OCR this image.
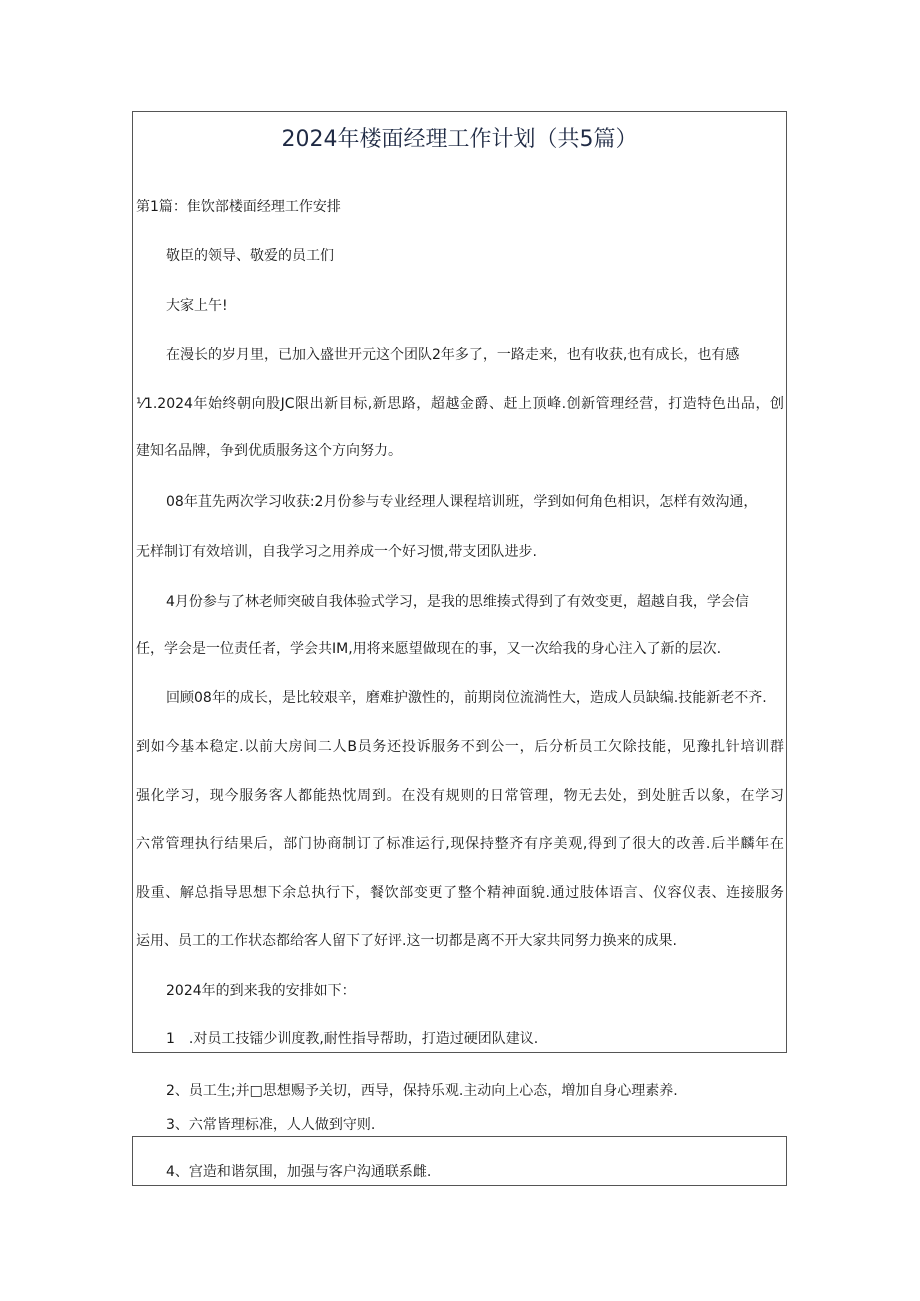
2024年楼面经理工作计划（共5篇）
第1篇：隹饮部楼面经理工作安排
敬臣的领导、敬爱的员工们
大家上午!
在漫长的岁月里，已加入盛世开元这个团队2年多了，一路走来，也有收获,也有成长，也有感
⅟1.2024年始终朝向股JC限出新目标,新思路，超越金爵、赶上顶峰.创新管理经营，打造特色出品，创
建知名品牌，争到优质服务这个方向努力。
08年苴先两次学习收获:2月份参与专业经理人课程培训班，学到如何角色相识，怎样有效沟通，
无样制订有效培训，自我学习之用养成一个好习惯,带支团队进步.
4月份参与了林老师突破自我体验式学习，是我的思维揍式得到了有效变更，超越自我，学会信
任，学会是一位责任者，学会共IM,用将来愿望做现在的事，又一次给我的身心注入了新的层次.
回顾08年的成长，是比较艰辛，磨难护激性的，前期岗位流淌性大，造成人员缺编.技能新老不齐.
到如今基本稳定.以前大房间二人B员务还投诉服务不到公一，后分析员工欠除技能，见豫扎针培训群
强化学习，现今服务客人都能热忱周到。在没有规则的日常管理，物无去处，到处脏舌以象，在学习
六常管理执行结果后，部门协商制订了标准运行,现保持整齐有序美观,得到了很大的改善.后半麟年在
股重、解总指导思想下余总执行下，餐饮部变更了整个精神面貌.通过肢体语言、仪容仪表、连接服务
运用、员工的工作状态都给客人留下了好评.这一切都是离不开大家共同努力换来的成果.
2024年的到来我的安排如下：
1　.对员工技镭少训度教,耐性指导帮助，打造过硬团队建议.
2、员工生;并□思想赐予关切，西导，保持乐观.主动向上心态，増加自身心理素养.
3、六常皆理标准，人人做到守则.
4、宫造和谐氛围，加强与客户沟通联系雌.
